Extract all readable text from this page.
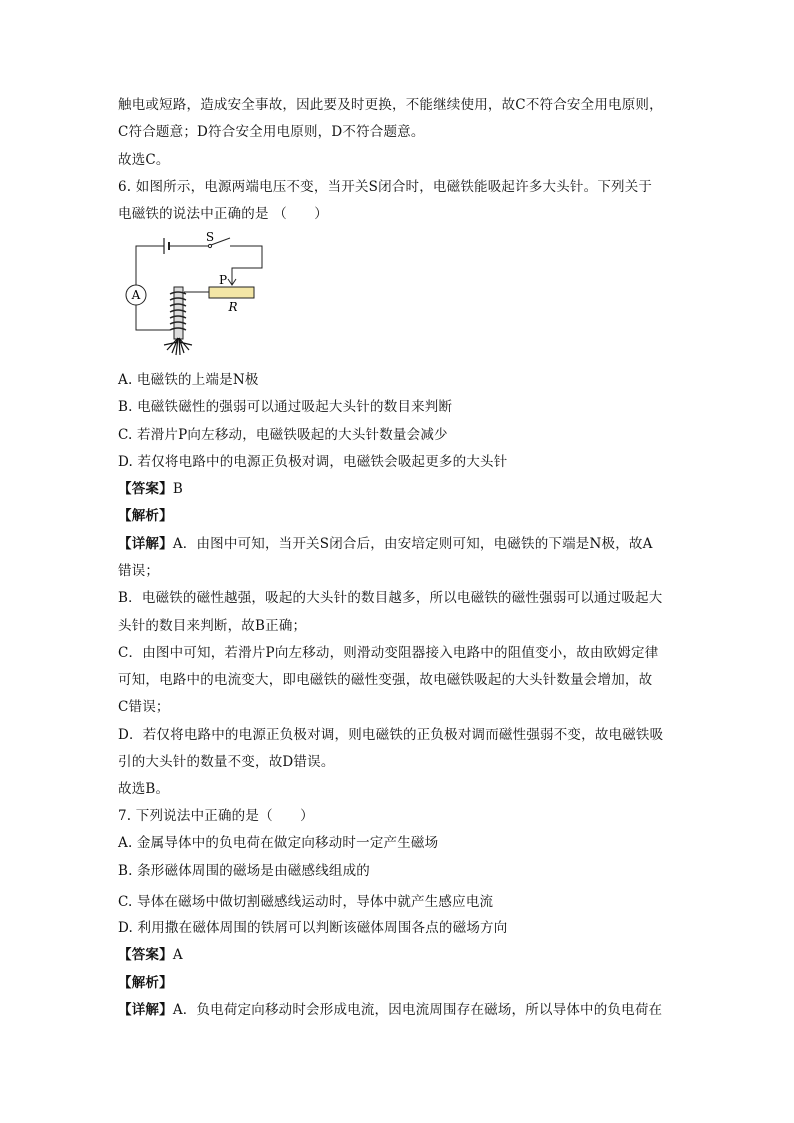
触电或短路，造成安全事故，因此要及时更换，不能继续使用，故C不符合安全用电原则，
C符合题意；D符合安全用电原则，D不符合题意。
故选C。
6. 如图所示，电源两端电压不变，当开关S闭合时，电磁铁能吸起许多大头针。下列关于
电磁铁的说法中正确的是 （　　）
A
S
P
R
A. 电磁铁的上端是N极
B. 电磁铁磁性的强弱可以通过吸起大头针的数目来判断
C. 若滑片P向左移动，电磁铁吸起的大头针数量会减少
D. 若仅将电路中的电源正负极对调，电磁铁会吸起更多的大头针
【答案】B
【解析】
【详解】A．由图中可知，当开关S闭合后，由安培定则可知，电磁铁的下端是N极，故A
错误；
B．电磁铁的磁性越强，吸起的大头针的数目越多，所以电磁铁的磁性强弱可以通过吸起大
头针的数目来判断，故B正确；
C．由图中可知，若滑片P向左移动，则滑动变阻器接入电路中的阻值变小，故由欧姆定律
可知，电路中的电流变大，即电磁铁的磁性变强，故电磁铁吸起的大头针数量会增加，故
C错误；
D．若仅将电路中的电源正负极对调，则电磁铁的正负极对调而磁性强弱不变，故电磁铁吸
引的大头针的数量不变，故D错误。
故选B。
7. 下列说法中正确的是（　　）
A. 金属导体中的负电荷在做定向移动时一定产生磁场
B. 条形磁体周围的磁场是由磁感线组成的
C. 导体在磁场中做切割磁感线运动时，导体中就产生感应电流
D. 利用撒在磁体周围的铁屑可以判断该磁体周围各点的磁场方向
【答案】A
【解析】
【详解】A．负电荷定向移动时会形成电流，因电流周围存在磁场，所以导体中的负电荷在
